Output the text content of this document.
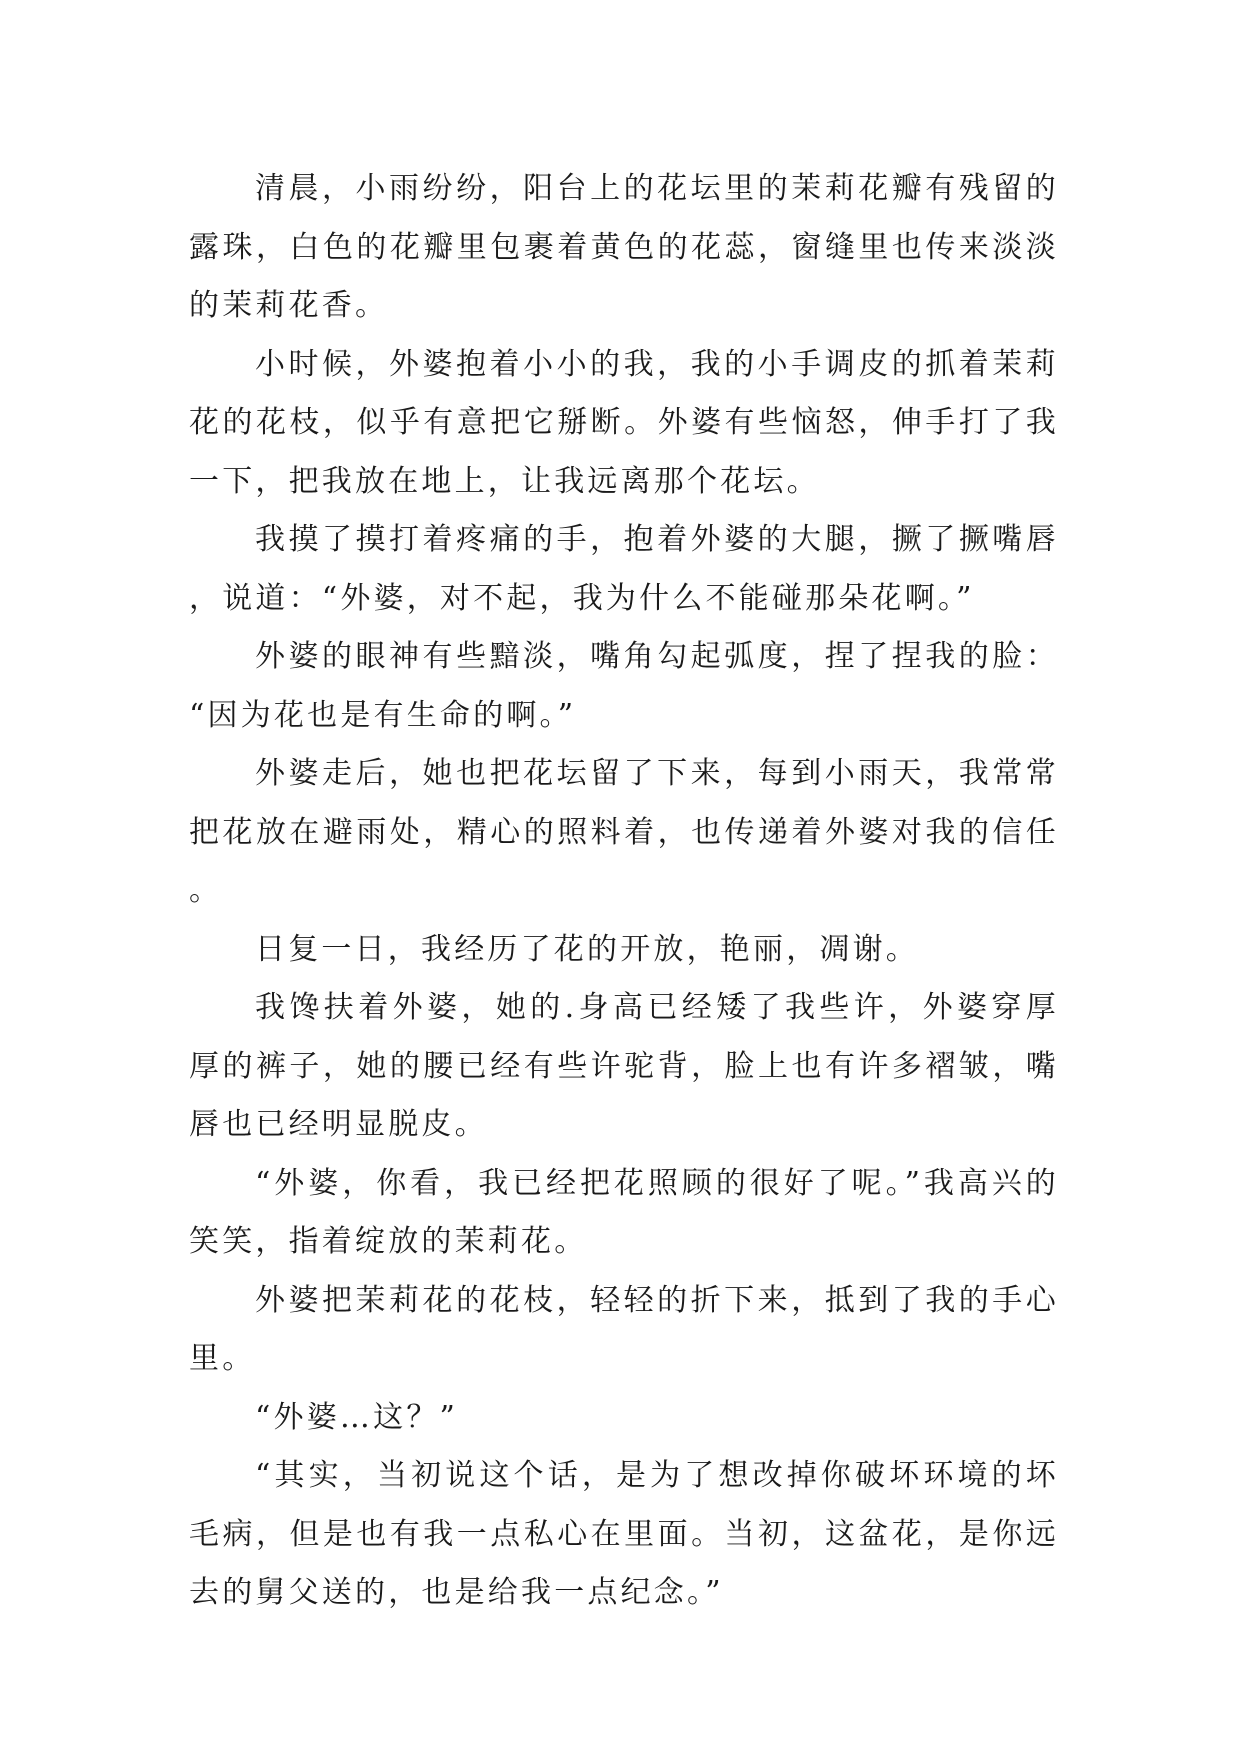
清晨，小雨纷纷，阳台上的花坛里的茉莉花瓣有残留的露珠，白色的花瓣里包裹着黄色的花蕊，窗缝里也传来淡淡的茉莉花香。

小时候，外婆抱着小小的我，我的小手调皮的抓着茉莉花的花枝，似乎有意把它掰断。外婆有些恼怒，伸手打了我一下，把我放在地上，让我远离那个花坛。

我摸了摸打着疼痛的手，抱着外婆的大腿，撅了撅嘴唇，说道：“外婆，对不起，我为什么不能碰那朵花啊。”

外婆的眼神有些黯淡，嘴角勾起弧度，捏了捏我的脸：“因为花也是有生命的啊。”

外婆走后，她也把花坛留了下来，每到小雨天，我常常把花放在避雨处，精心的照料着，也传递着外婆对我的信任。

日复一日，我经历了花的开放，艳丽，凋谢。

我馋扶着外婆，她的.身高已经矮了我些许，外婆穿厚厚的裤子，她的腰已经有些许驼背，脸上也有许多褶皱，嘴唇也已经明显脱皮。

“外婆，你看，我已经把花照顾的很好了呢。”我高兴的笑笑，指着绽放的茉莉花。

外婆把茉莉花的花枝，轻轻的折下来，抵到了我的手心里。

“外婆…这？”

“其实，当初说这个话，是为了想改掉你破坏环境的坏毛病，但是也有我一点私心在里面。当初，这盆花，是你远去的舅父送的，也是给我一点纪念。”
